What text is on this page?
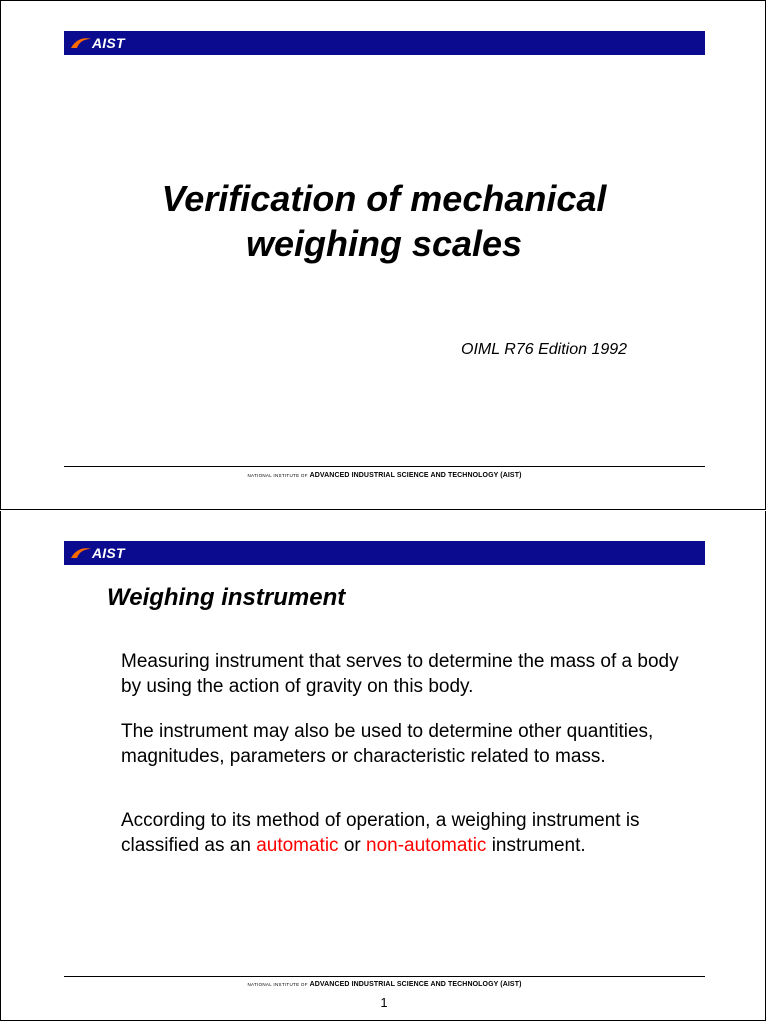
AIST
Verification of mechanical
weighing scales
OIML R76 Edition 1992
NATIONAL INSTITUTE OF ADVANCED INDUSTRIAL SCIENCE AND TECHNOLOGY (AIST)
AIST
Weighing instrument
Measuring instrument that serves to determine the mass of a body by using the action of gravity on this body.
The instrument may also be used to determine other quantities, magnitudes, parameters or characteristic related to mass.
According to its method of operation, a weighing instrument is classified as an automatic or non-automatic instrument.
NATIONAL INSTITUTE OF ADVANCED INDUSTRIAL SCIENCE AND TECHNOLOGY (AIST)
1
